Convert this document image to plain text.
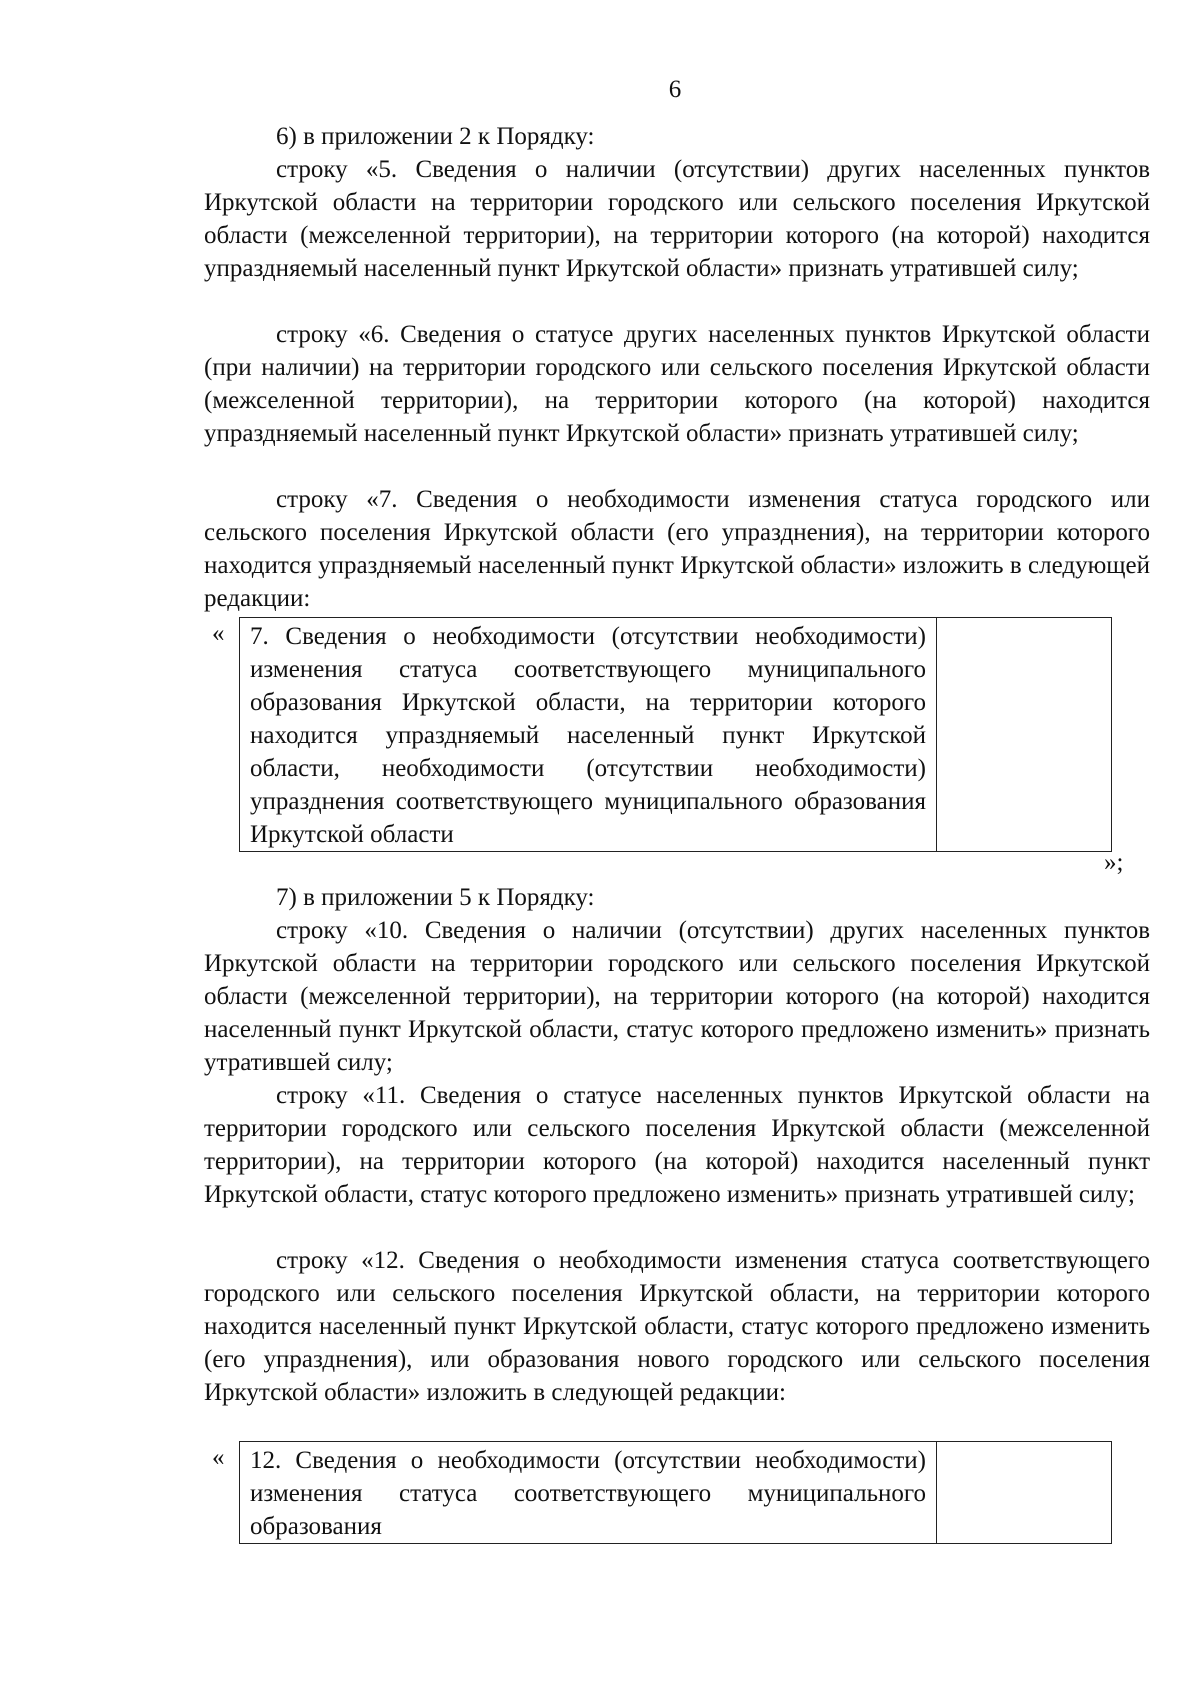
6
6) в приложении 2 к Порядку:
строку «5. Сведения о наличии (отсутствии) других населенных пунктов Иркутской области на территории городского или сельского поселения Иркутской области (межселенной территории), на территории которого (на которой) находится упраздняемый населенный пункт Иркутской области» признать утратившей силу;
строку «6. Сведения о статусе других населенных пунктов Иркутской области (при наличии) на территории городского или сельского поселения Иркутской области (межселенной территории), на территории которого (на которой) находится упраздняемый населенный пункт Иркутской области» признать утратившей силу;
строку «7. Сведения о необходимости изменения статуса городского или сельского поселения Иркутской области (его упразднения), на территории которого находится упраздняемый населенный пункт Иркутской области» изложить в следующей редакции:
« 7. Сведения о необходимости (отсутствии необходимости) изменения статуса соответствующего муниципального образования Иркутской области, на территории которого находится упраздняемый населенный пункт Иркутской области, необходимости (отсутствии необходимости) упразднения соответствующего муниципального образования Иркутской области	
»;
7) в приложении 5 к Порядку:
строку «10. Сведения о наличии (отсутствии) других населенных пунктов Иркутской области на территории городского или сельского поселения Иркутской области (межселенной территории), на территории которого (на которой) находится населенный пункт Иркутской области, статус которого предложено изменить» признать утратившей силу;
строку «11. Сведения о статусе населенных пунктов Иркутской области на территории городского или сельского поселения Иркутской области (межселенной территории), на территории которого (на которой) находится населенный пункт Иркутской области, статус которого предложено изменить» признать утратившей силу;
строку «12. Сведения о необходимости изменения статуса соответствующего городского или сельского поселения Иркутской области, на территории которого находится населенный пункт Иркутской области, статус которого предложено изменить (его упразднения), или образования нового городского или сельского поселения Иркутской области» изложить в следующей редакции:
« 12. Сведения о необходимости (отсутствии необходимости) изменения статуса соответствующего муниципального образования	
